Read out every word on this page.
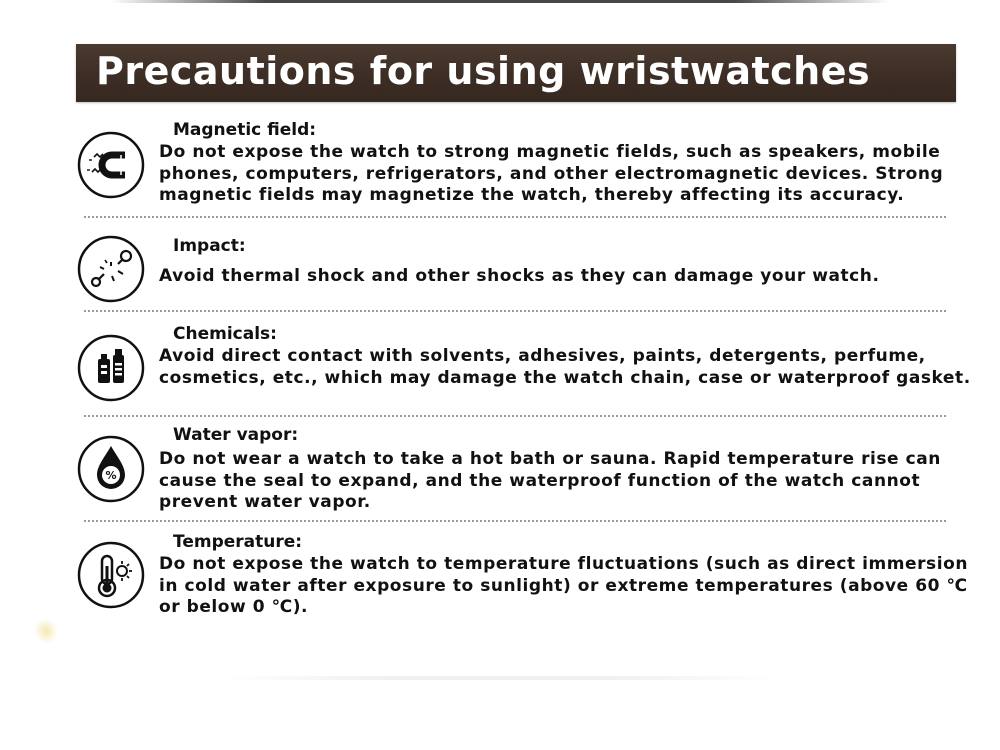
Precautions for using wristwatches
Magnetic field:
Do not expose the watch to strong magnetic fields, such as speakers, mobile phones, computers, refrigerators, and other electromagnetic devices. Strong magnetic fields may magnetize the watch, thereby affecting its accuracy.
Impact:
Avoid thermal shock and other shocks as they can damage your watch.
Chemicals:
Avoid direct contact with solvents, adhesives, paints, detergents, perfume, cosmetics, etc., which may damage the watch chain, case or waterproof gasket.
%
Water vapor:
Do not wear a watch to take a hot bath or sauna. Rapid temperature rise can cause the seal to expand, and the waterproof function of the watch cannot prevent water vapor.
Temperature:
Do not expose the watch to temperature fluctuations (such as direct immersion in cold water after exposure to sunlight) or extreme temperatures (above 60 ℃ or below 0 ℃).
